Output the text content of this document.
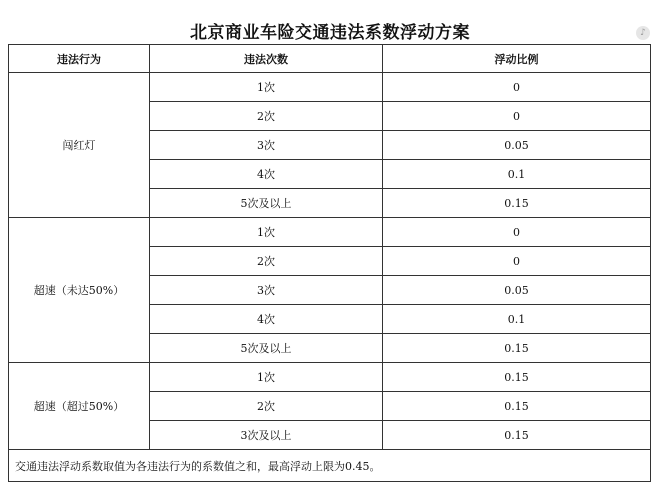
北京商业车险交通违法系数浮动方案	♪
违法行为	违法次数	浮动比例
闯红灯	1次	0
	2次	0
	3次	0.05
	4次	0.1
	5次及以上	0.15
超速（未达50%）	1次	0
	2次	0
	3次	0.05
	4次	0.1
	5次及以上	0.15
超速（超过50%）	1次	0.15
	2次	0.15
	3次及以上	0.15
交通违法浮动系数取值为各违法行为的系数值之和，最高浮动上限为0.45。		
